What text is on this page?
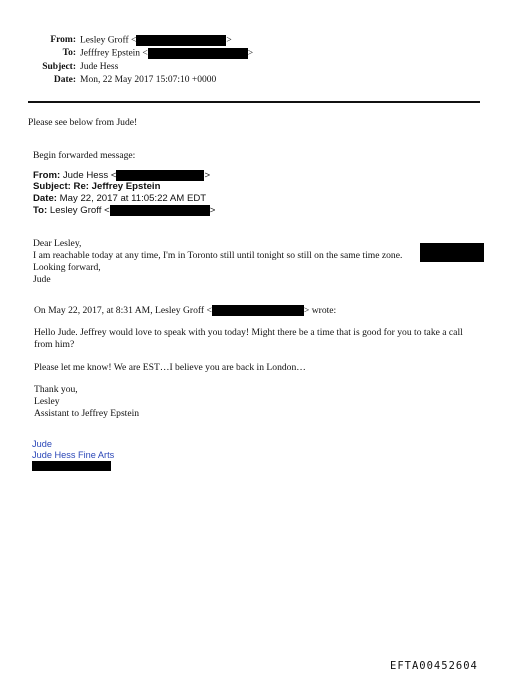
From: Lesley Groff <	>
To: Jefffrey Epstein <	>
Subject: Jude Hess
Date: Mon, 22 May 2017 15:07:10 +0000
Please see below from Jude!
Begin forwarded message:
From: Jude Hess <	>
Subject: Re: Jeffrey Epstein
Date: May 22, 2017 at 11:05:22 AM EDT
To: Lesley Groff <	>
Dear Lesley,
I am reachable today at any time, I'm in Toronto still until tonight so still on the same time zone.
Looking forward,
Jude
On May 22, 2017, at 8:31 AM, Lesley Groff <	> wrote:
Hello Jude. Jeffrey would love to speak with you today! Might there be a time that is good for you to take a call from him?
Please let me know! We are EST…I believe you are back in London…
Thank you,
Lesley
Assistant to Jeffrey Epstein
Jude
Jude Hess Fine Arts
EFTA00452604
